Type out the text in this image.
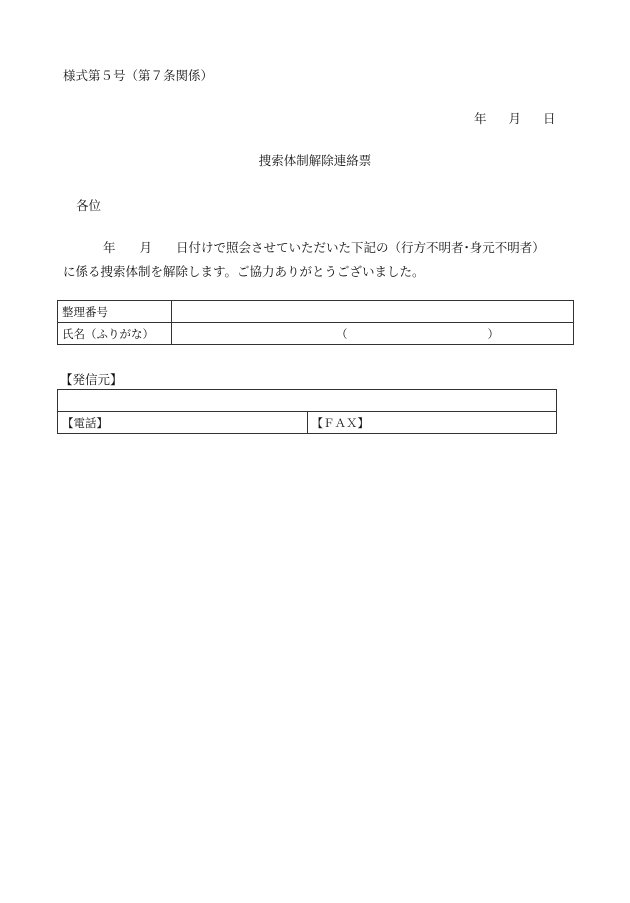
様式第５号（第７条関係）
年 月 日
捜索体制解除連絡票
各位
年 月 日付けで照会させていただいた下記の（行方不明者･身元不明者）
に係る捜索体制を解除します。ご協力ありがとうございました。
整理番号	
氏名（ふりがな）	（ ）
【発信元】

【電話】	【ＦＡＸ】
